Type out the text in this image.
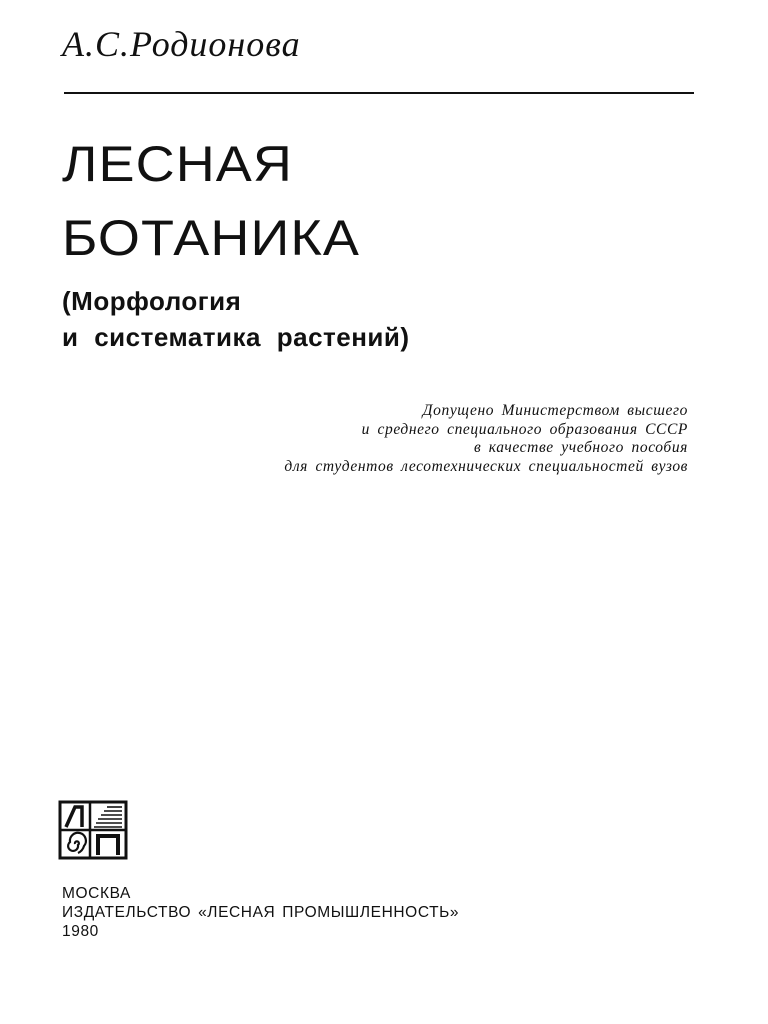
А.С.Родионова
ЛЕСНАЯ
БОТАНИКА
(Морфология
и систематика растений)
Допущено Министерством высшего
и среднего специального образования СССР
в качестве учебного пособия
для студентов лесотехнических специальностей вузов
МОСКВА
ИЗДАТЕЛЬСТВО «ЛЕСНАЯ ПРОМЫШЛЕННОСТЬ»
1980
